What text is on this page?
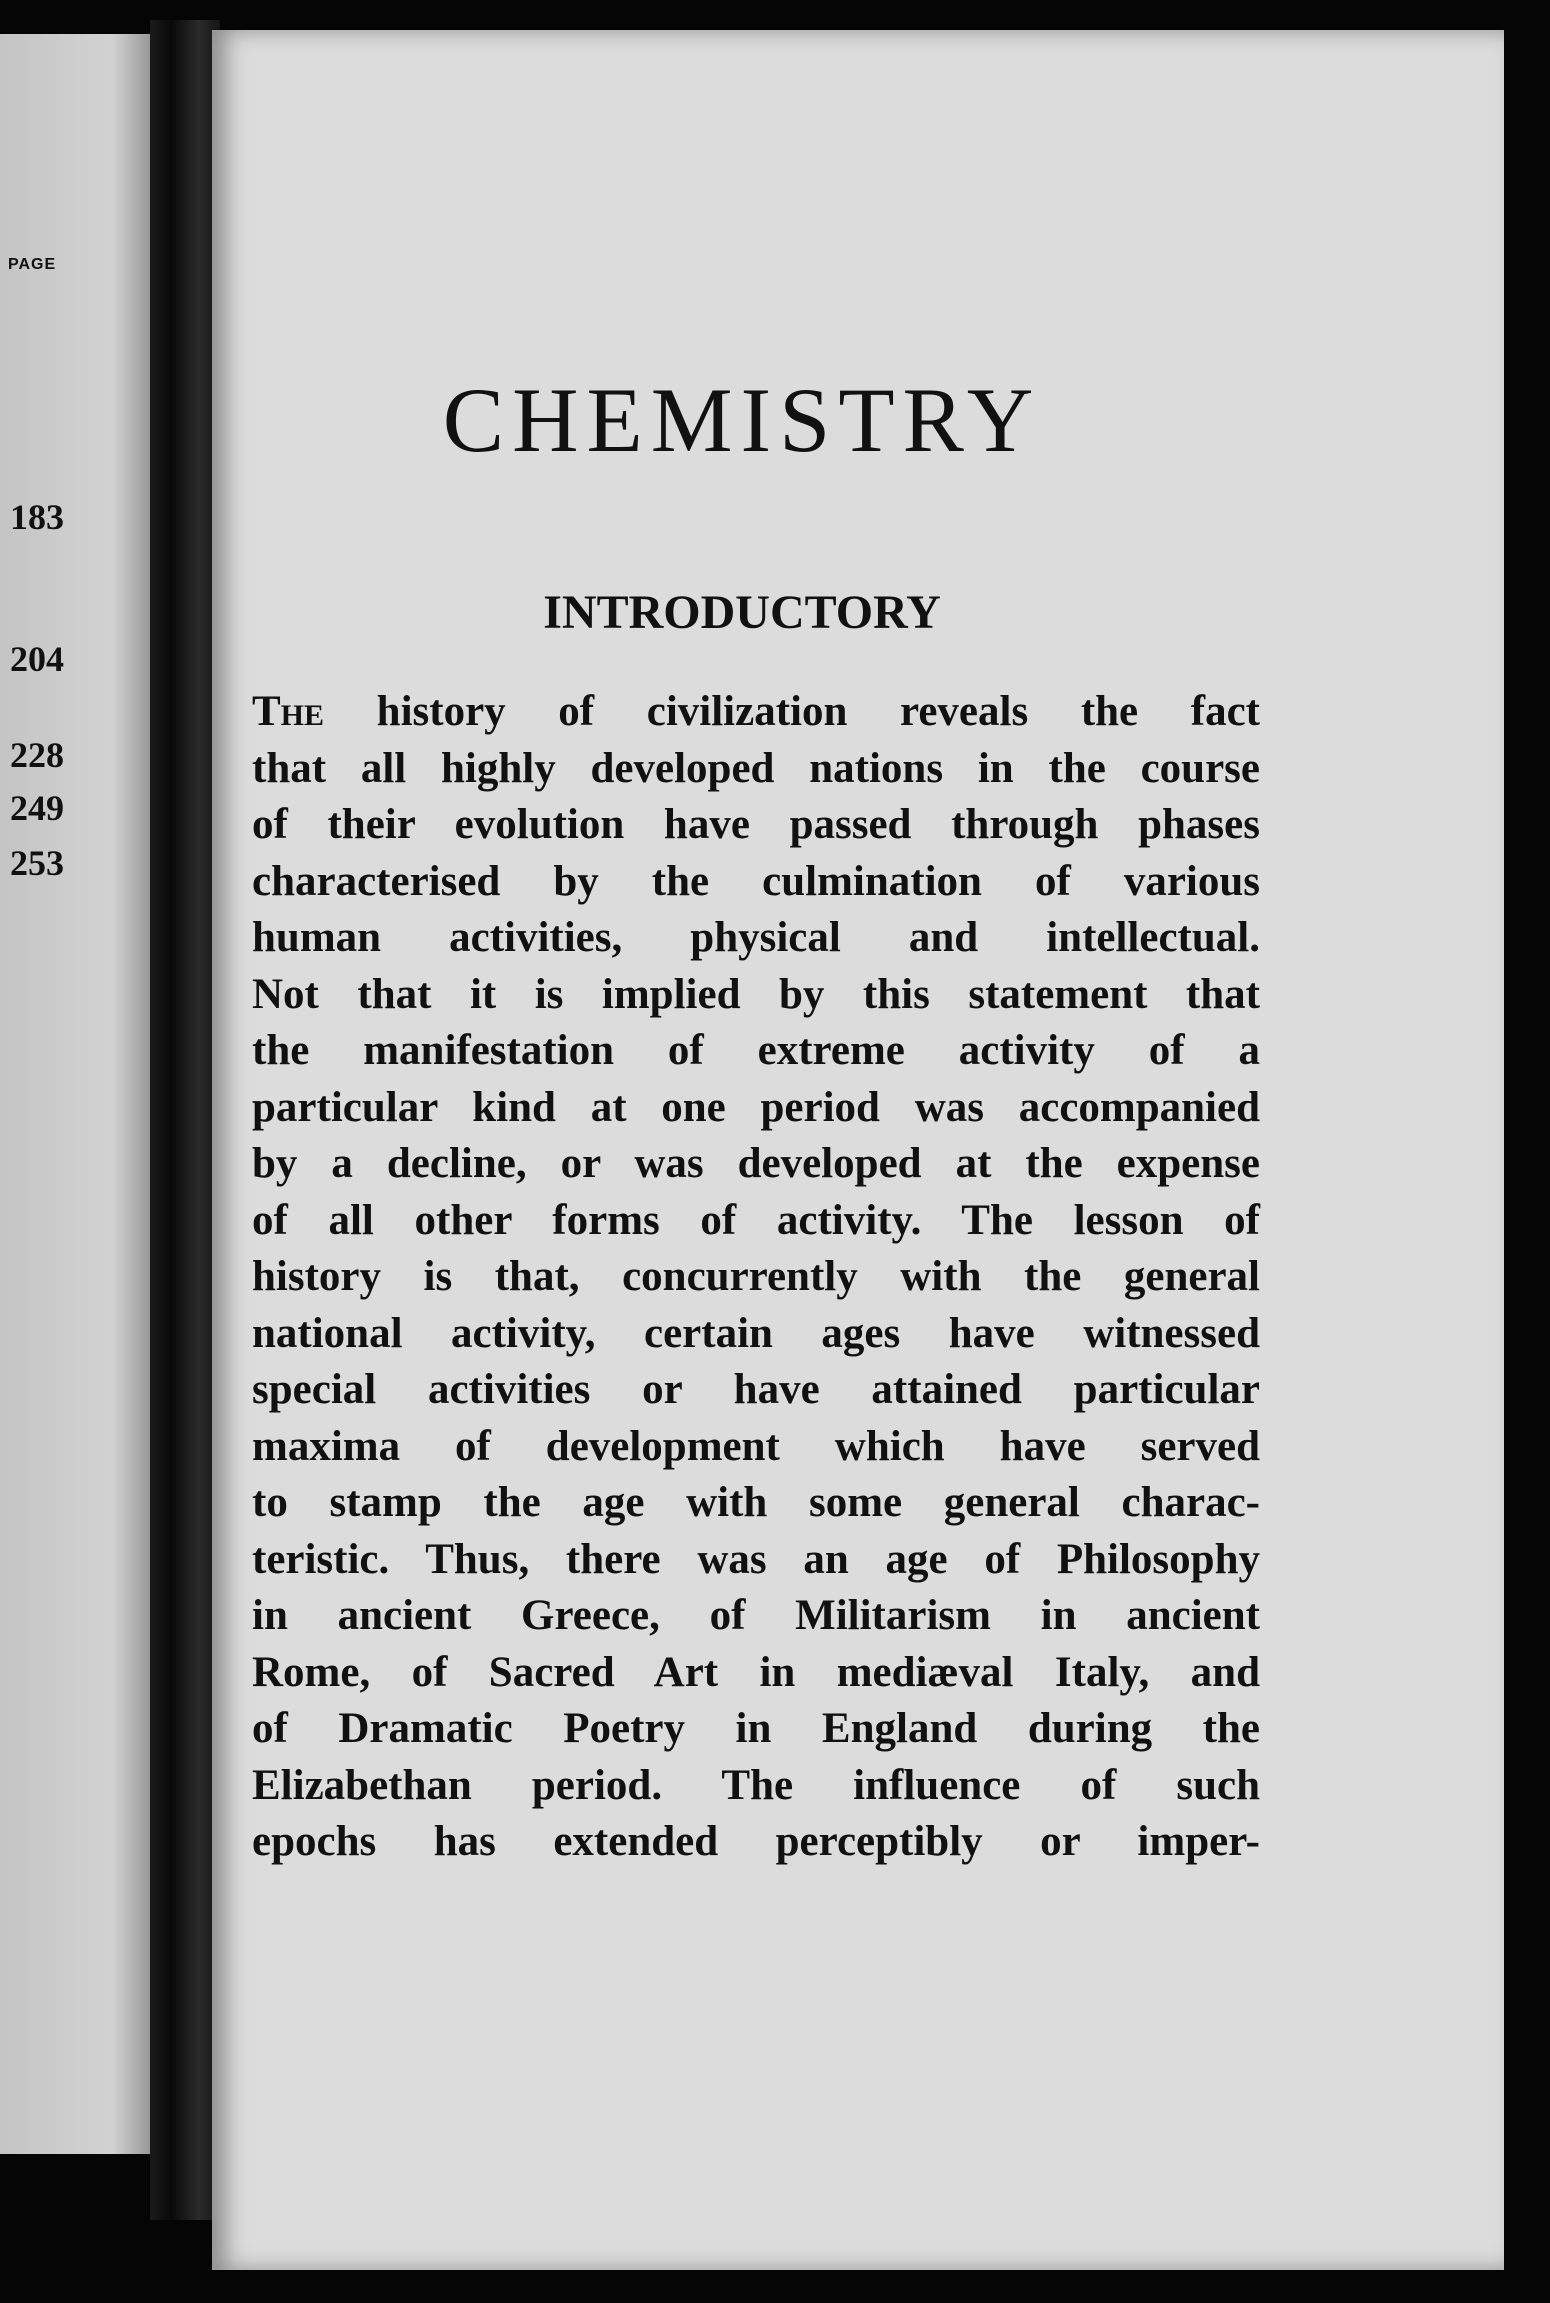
PAGE
183
204
228
249
253
CHEMISTRY
INTRODUCTORY
The history of civilization reveals the fact
that all highly developed nations in the course
of their evolution have passed through phases
characterised by the culmination of various
human activities, physical and intellectual.
Not that it is implied by this statement that
the manifestation of extreme activity of a
particular kind at one period was accompanied
by a decline, or was developed at the expense
of all other forms of activity. The lesson of
history is that, concurrently with the general
national activity, certain ages have witnessed
special activities or have attained particular
maxima of development which have served
to stamp the age with some general charac-
teristic. Thus, there was an age of Philosophy
in ancient Greece, of Militarism in ancient
Rome, of Sacred Art in mediæval Italy, and
of Dramatic Poetry in England during the
Elizabethan period. The influence of such
epochs has extended perceptibly or imper-
